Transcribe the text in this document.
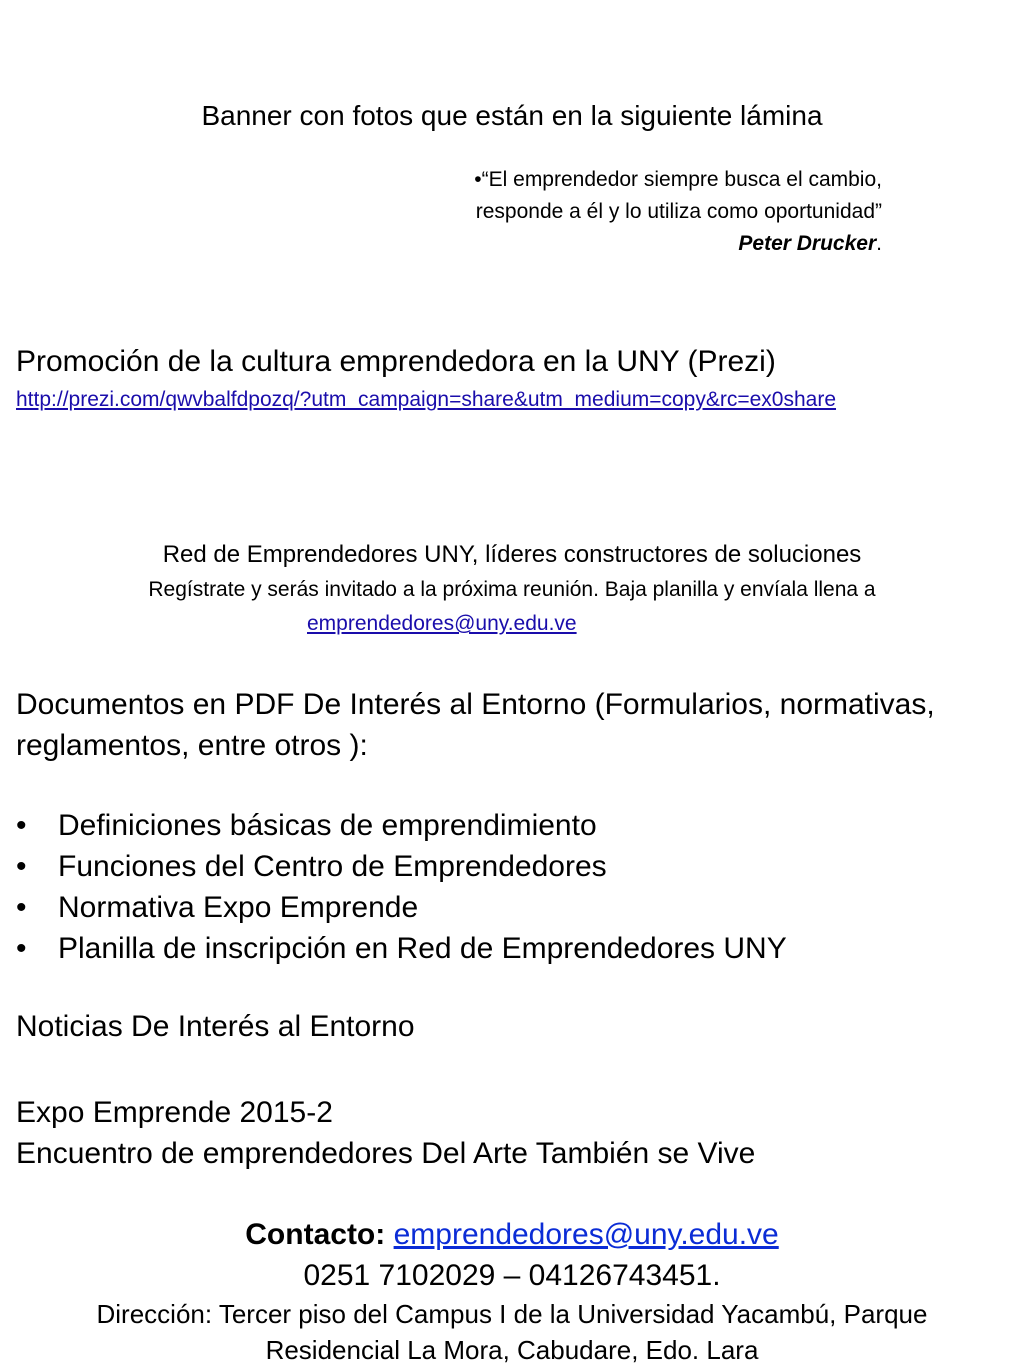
Banner con fotos que están en la siguiente lámina
•“El emprendedor siempre busca el cambio,
responde a él y lo utiliza como oportunidad”
Peter Drucker.
Promoción de la cultura emprendedora en la UNY (Prezi)
http://prezi.com/qwvbalfdpozq/?utm_campaign=share&utm_medium=copy&rc=ex0share
Red de Emprendedores UNY, líderes constructores de soluciones
Regístrate y serás invitado a la próxima reunión. Baja planilla y envíala llena a
emprendedores@uny.edu.ve
Documentos en PDF De Interés al Entorno (Formularios, normativas, reglamentos, entre otros ):
• Definiciones básicas de emprendimiento
• Funciones del Centro de Emprendedores
• Normativa Expo Emprende
• Planilla de inscripción en Red de Emprendedores UNY
Noticias De Interés al Entorno
Expo Emprende 2015-2
Encuentro de emprendedores Del Arte También se Vive
Contacto: emprendedores@uny.edu.ve
0251 7102029 – 04126743451.
Dirección: Tercer piso del Campus I de la Universidad Yacambú, Parque
Residencial La Mora, Cabudare, Edo. Lara
